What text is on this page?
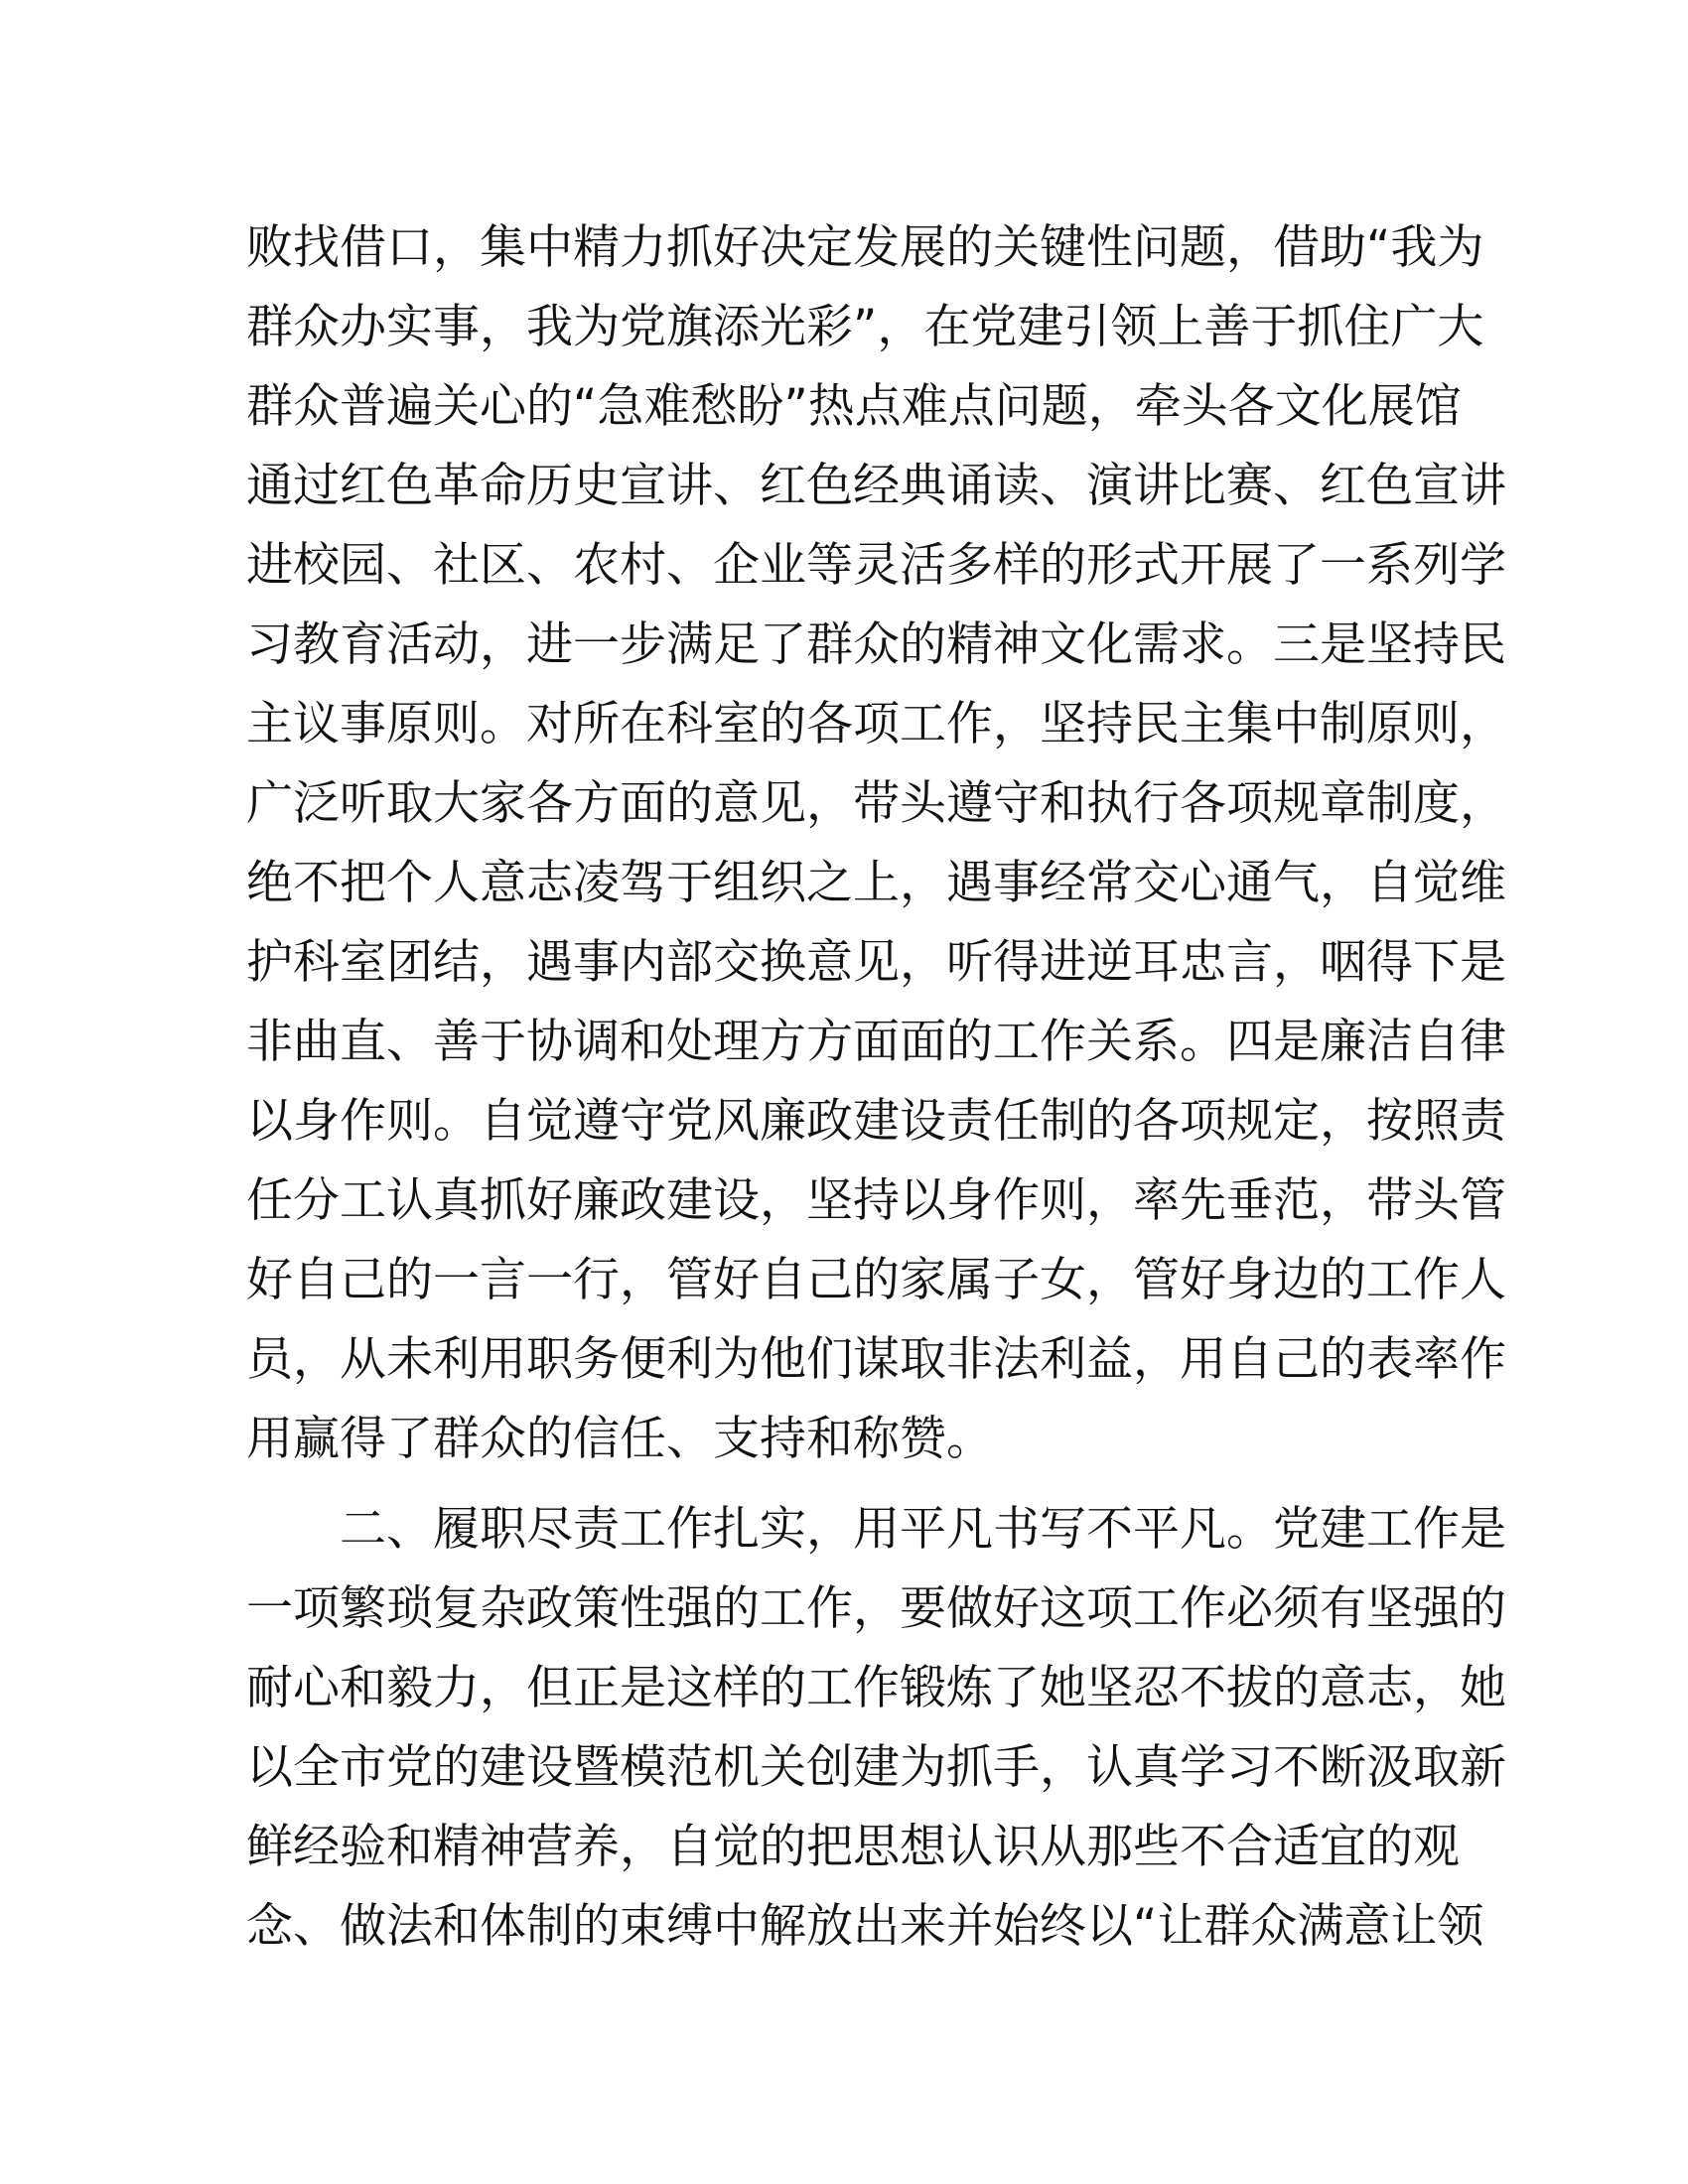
败找借口，集中精力抓好决定发展的关键性问题，借助“我为
群众办实事，我为党旗添光彩”，在党建引领上善于抓住广大
群众普遍关心的“急难愁盼”热点难点问题，牵头各文化展馆
通过红色革命历史宣讲、红色经典诵读、演讲比赛、红色宣讲
进校园、社区、农村、企业等灵活多样的形式开展了一系列学
习教育活动，进一步满足了群众的精神文化需求。三是坚持民
主议事原则。对所在科室的各项工作，坚持民主集中制原则，
广泛听取大家各方面的意见，带头遵守和执行各项规章制度，
绝不把个人意志凌驾于组织之上，遇事经常交心通气，自觉维
护科室团结，遇事内部交换意见，听得进逆耳忠言，咽得下是
非曲直、善于协调和处理方方面面的工作关系。四是廉洁自律
以身作则。自觉遵守党风廉政建设责任制的各项规定，按照责
任分工认真抓好廉政建设，坚持以身作则，率先垂范，带头管
好自己的一言一行，管好自己的家属子女，管好身边的工作人
员，从未利用职务便利为他们谋取非法利益，用自己的表率作
用赢得了群众的信任、支持和称赞。
二、履职尽责工作扎实，用平凡书写不平凡。党建工作是
一项繁琐复杂政策性强的工作，要做好这项工作必须有坚强的
耐心和毅力，但正是这样的工作锻炼了她坚忍不拔的意志，她
以全市党的建设暨模范机关创建为抓手，认真学习不断汲取新
鲜经验和精神营养，自觉的把思想认识从那些不合适宜的观
念、做法和体制的束缚中解放出来并始终以“让群众满意让领
